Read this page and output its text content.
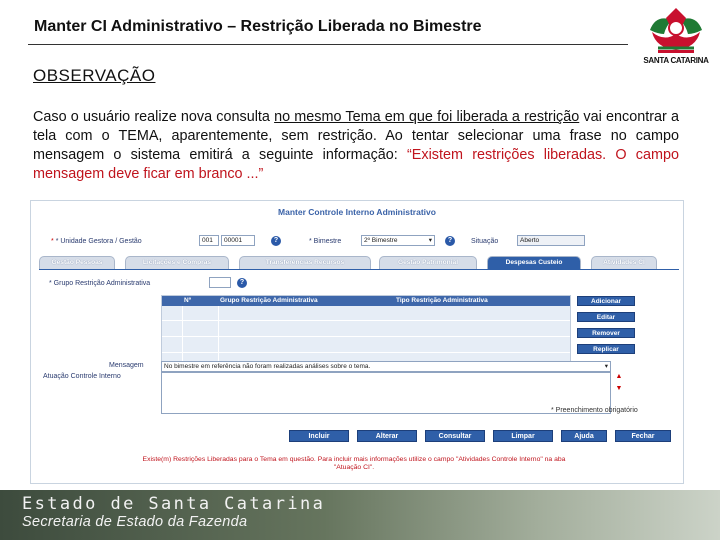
Manter CI Administrativo – Restrição Liberada no Bimestre
SANTA CATARINA
OBSERVAÇÃO
Caso o usuário realize nova consulta no mesmo Tema em que foi liberada a restrição vai encontrar a tela com o TEMA, aparentemente, sem restrição. Ao tentar selecionar uma frase no campo mensagem o sistema emitirá a seguinte informação: “Existem restrições liberadas. O campo mensagem deve ficar em branco ...”
Manter Controle Interno Administrativo
* * Unidade Gestora / Gestão	001	00001	?	* Bimestre	2º Bimestre	▾	?	Situação	Aberto
Gestão Pessoas	Licitações e Compras	Transferências Recursos	Gestão Patrimonial	Despesas Custeio	Atividades CI
* Grupo Restrição Administrativa	?
Nº	Grupo Restrição Administrativa	Tipo Restrição Administrativa	Adicionar
Editar
Remover
Replicar
Mensagem
Atuação Controle Interno
No bimestre em referência não foram realizadas análises sobre o tema.	▾
▲
▼
* Preenchimento obrigatório
Incluir	Alterar	Consultar	Limpar	Ajuda	Fechar
Existe(m) Restrições Liberadas para o Tema em questão. Para incluir mais informações utilize o campo "Atividades Controle Interno" na aba
"Atuação CI".
Estado de Santa Catarina
Secretaria de Estado da Fazenda
